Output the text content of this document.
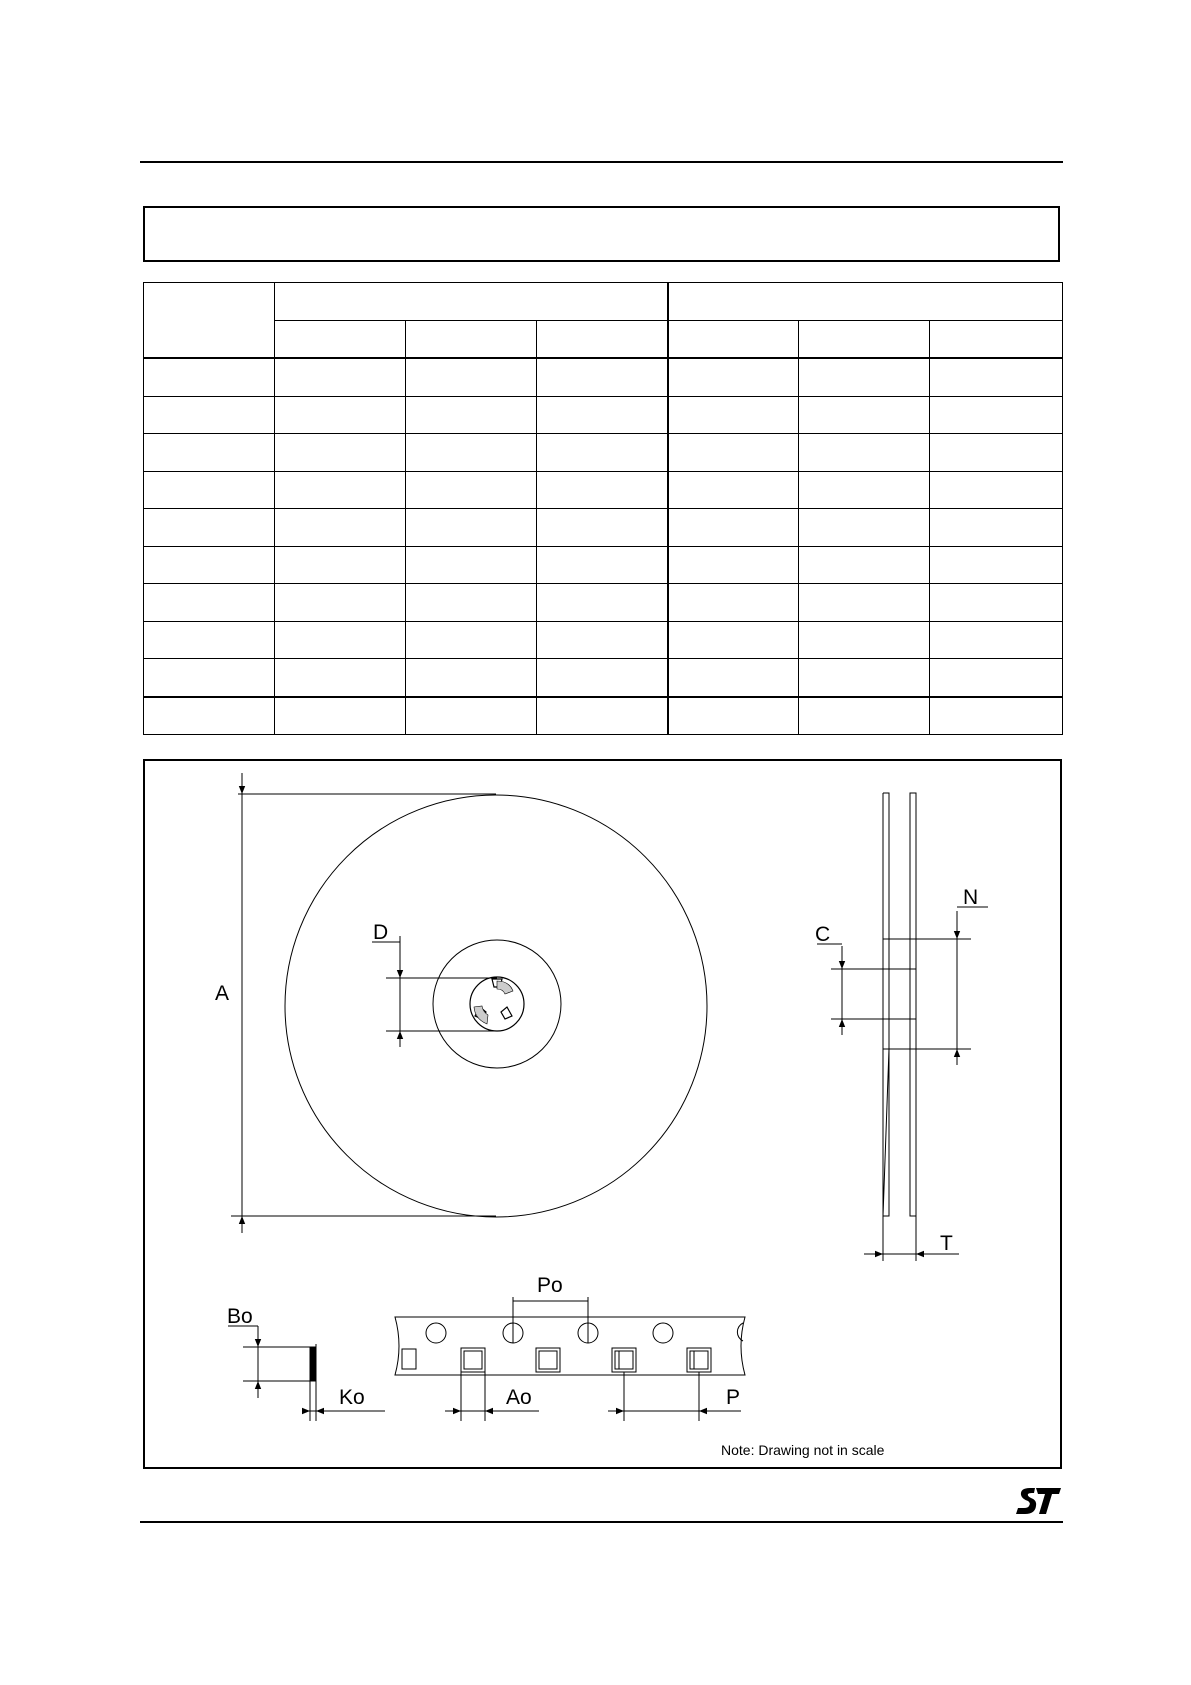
A
D	C
N
T
Bo
Po
Ko	Ao	P
Note: Drawing not in scale
